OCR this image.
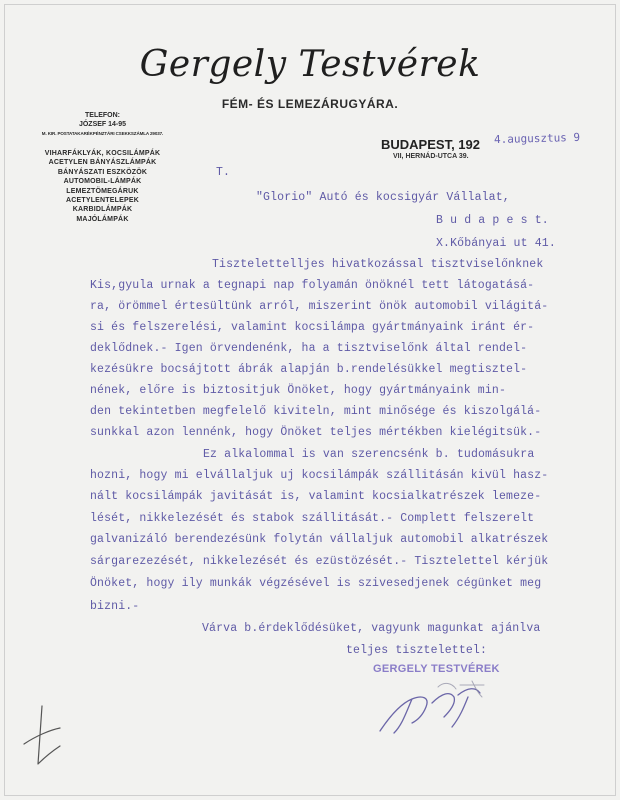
Gergely Testvérek
FÉM- ÉS LEMEZÁRUGYÁRA.
TELEFON:
JÓZSEF 14-95
M. KIR. POSTATAKARÉKPÉNZTÁRI CSEKKSZÁMLA 29037.
VIHARFÁKLYÁK, KOCSILÁMPÁK
ACETYLEN BÁNYÁSZLÁMPÁK
BÁNYÁSZATI ESZKÖZÖK
AUTOMOBIL-LÁMPÁK
LEMEZTÖMEGÁRUK
ACETYLENTELEPEK
KARBIDLÁMPÁK
MAJÓLÁMPÁK
BUDAPEST, 192
VII, HERNÁD-UTCA 39.
4.augusztus 9
T.
"Glorio" Autó és kocsigyár Vállalat,
B u d a p e s t.
X.Kőbányai ut 41.
Tisztelettelljes hivatkozással tisztviselőnknek
Kis,gyula urnak a tegnapi nap folyamán önöknél tett látogatásá-
ra, örömmel értesültünk arról, miszerint önök automobil világitá-
si és felszerelési, valamint kocsilámpa gyártmányaink iránt ér-
deklődnek.- Igen örvendenénk, ha a tisztviselőnk által rendel-
kezésükre bocsájtott ábrák alapján b.rendelésükkel megtisztel-
nének, előre is biztositjuk Önöket, hogy gyártmányaink min-
den tekintetben megfelelő kiviteln, mint minősége és kiszolgálá-
sunkkal azon lennénk, hogy Önöket teljes mértékben kielégitsük.-
Ez alkalommal is van szerencsénk b. tudomásukra
hozni, hogy mi elvállaljuk uj kocsilámpák szállitásán kivül hasz-
nált kocsilámpák javitását is, valamint kocsialkatrészek lemeze-
lését, nikkelezését és stabok szállitását.- Complett felszerelt
galvanizáló berendezésünk folytán vállaljuk automobil alkatrészek
sárgarezezését, nikkelezését és ezüstözését.- Tisztelettel kérjük
Önöket, hogy ily munkák végzésével is szivesedjenek cégünket meg
bizni.-
Várva b.érdeklődésüket, vagyunk magunkat ajánlva
teljes tisztelettel:
GERGELY TESTVÉREK
